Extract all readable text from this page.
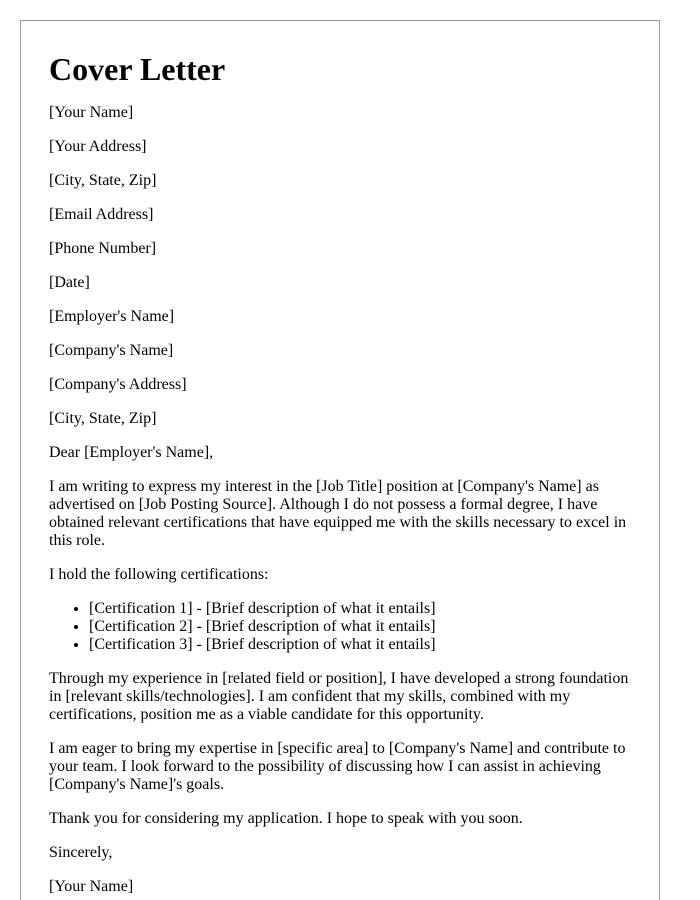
Cover Letter

[Your Name]

[Your Address]

[City, State, Zip]

[Email Address]

[Phone Number]

[Date]

[Employer's Name]

[Company's Name]

[Company's Address]

[City, State, Zip]

Dear [Employer's Name],

I am writing to express my interest in the [Job Title] position at [Company's Name] as advertised on [Job Posting Source]. Although I do not possess a formal degree, I have obtained relevant certifications that have equipped me with the skills necessary to excel in this role.

I hold the following certifications:

• [Certification 1] - [Brief description of what it entails]
• [Certification 2] - [Brief description of what it entails]
• [Certification 3] - [Brief description of what it entails]

Through my experience in [related field or position], I have developed a strong foundation in [relevant skills/technologies]. I am confident that my skills, combined with my certifications, position me as a viable candidate for this opportunity.

I am eager to bring my expertise in [specific area] to [Company's Name] and contribute to your team. I look forward to the possibility of discussing how I can assist in achieving [Company's Name]'s goals.

Thank you for considering my application. I hope to speak with you soon.

Sincerely,

[Your Name]
